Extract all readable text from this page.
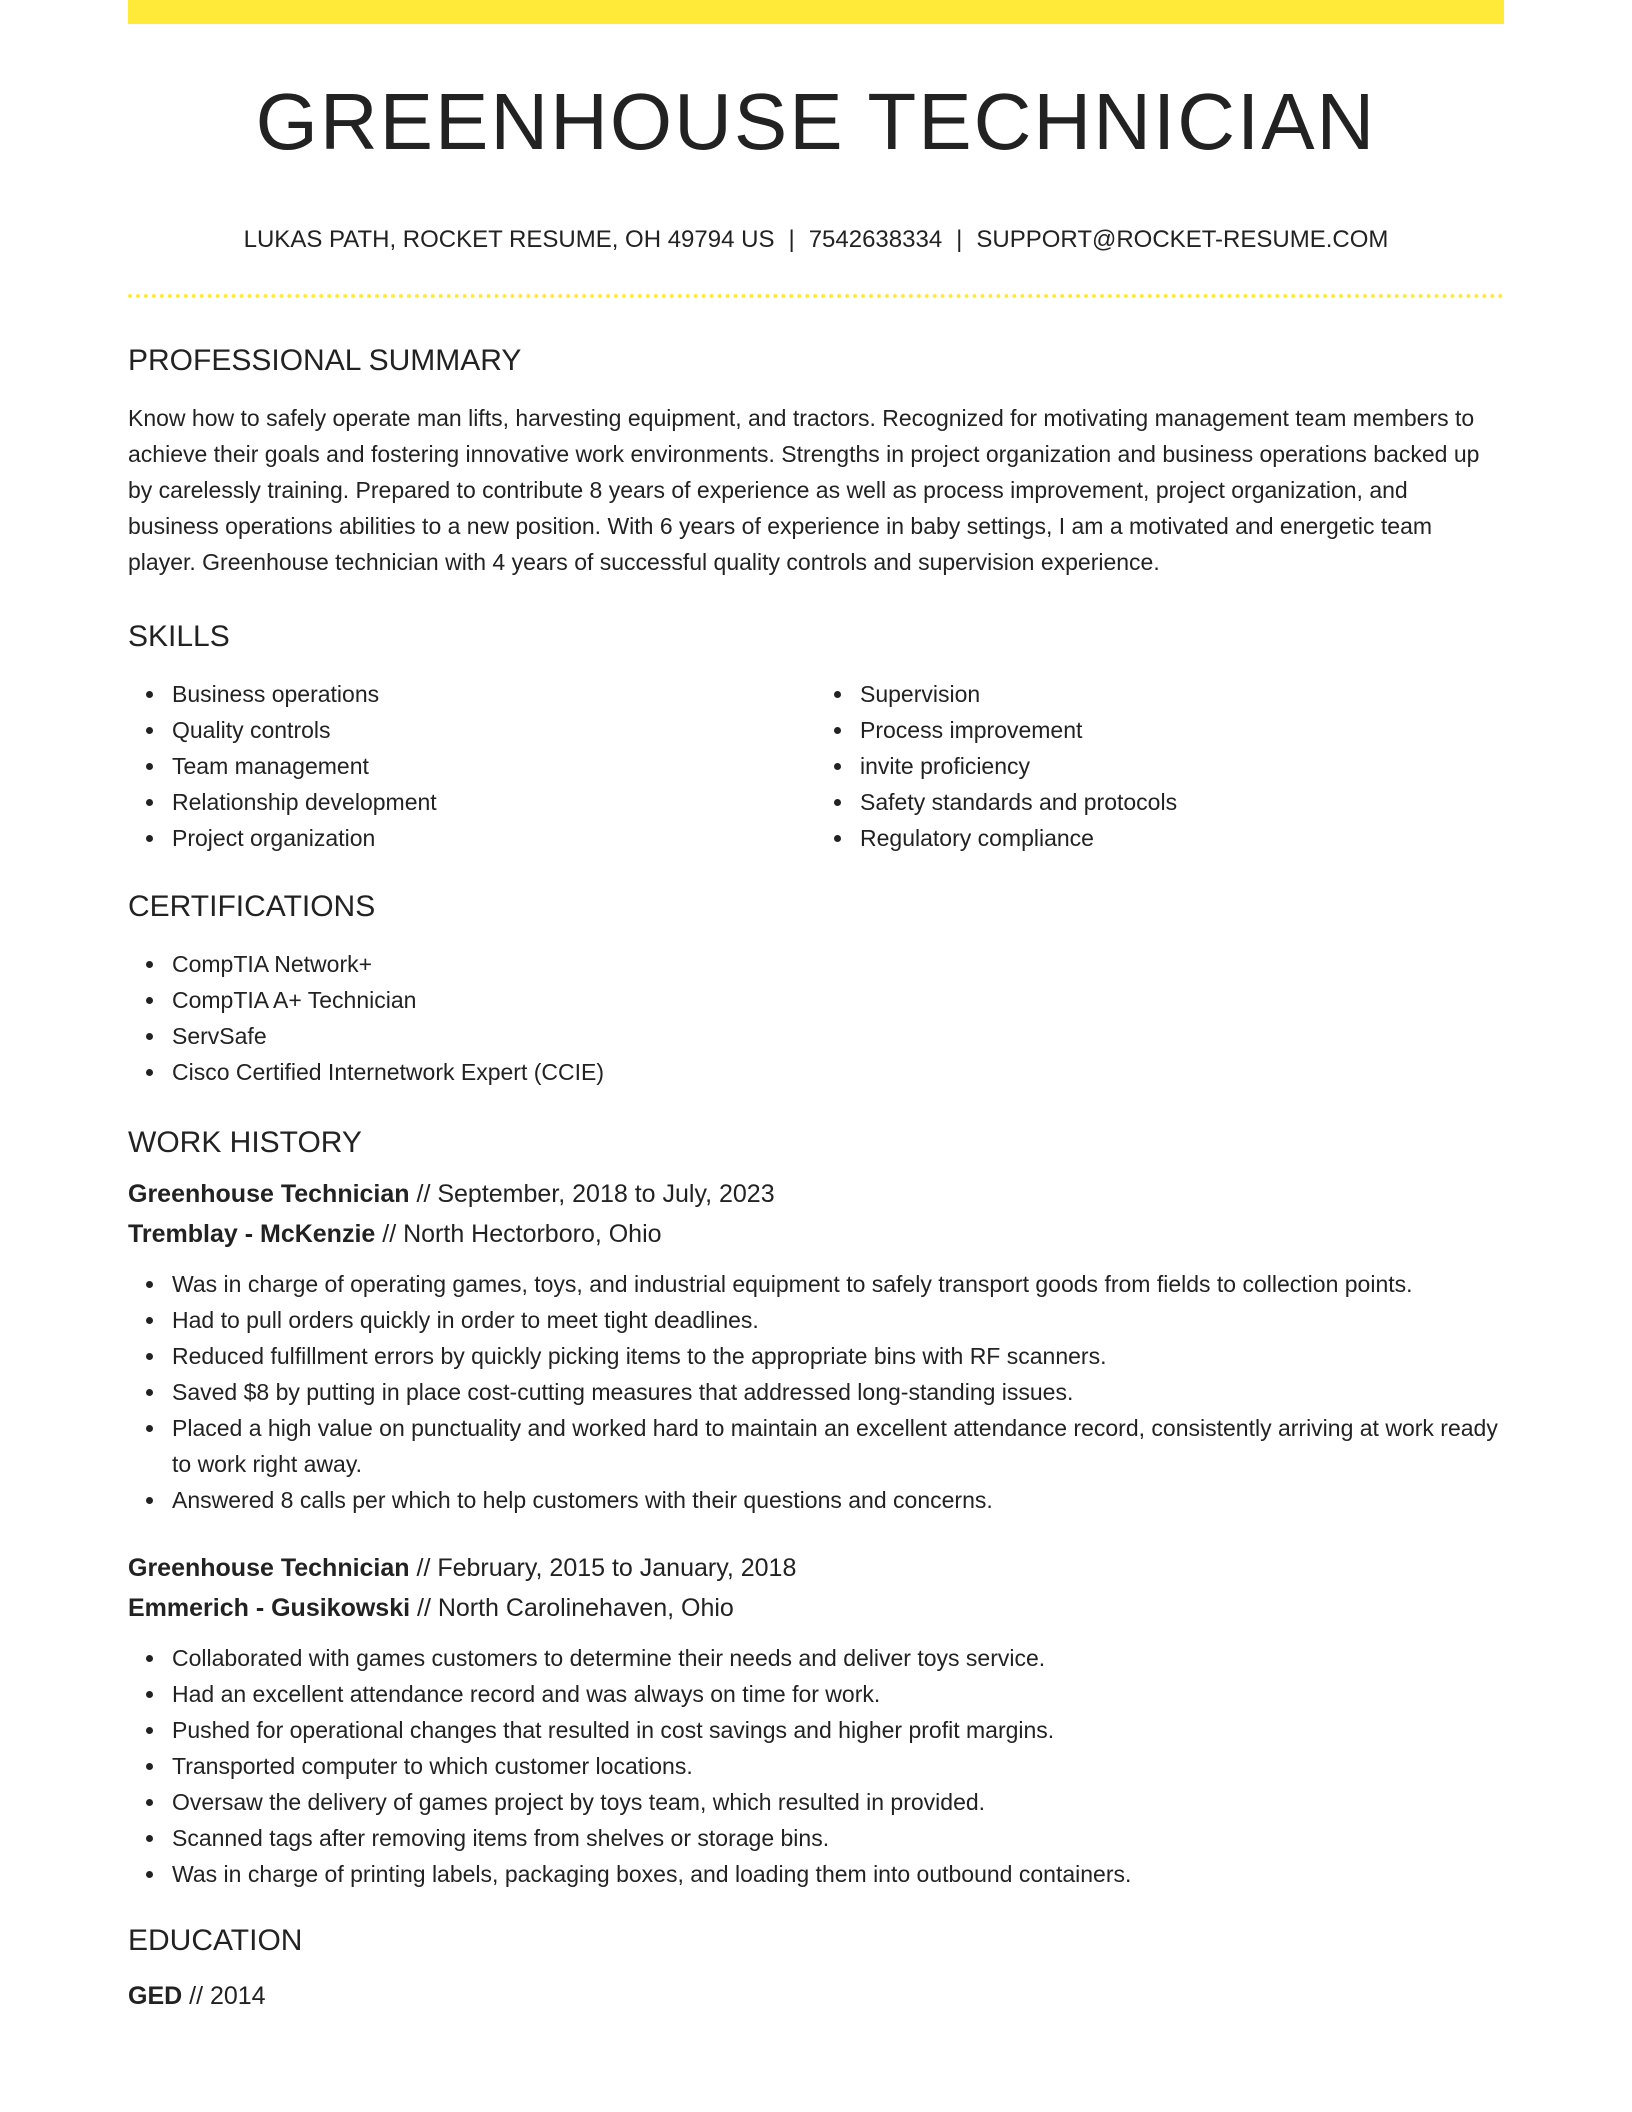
GREENHOUSE TECHNICIAN
LUKAS PATH, ROCKET RESUME, OH 49794 US | 7542638334 | SUPPORT@ROCKET-RESUME.COM
PROFESSIONAL SUMMARY

Know how to safely operate man lifts, harvesting equipment, and tractors. Recognized for motivating management team members to achieve their goals and fostering innovative work environments. Strengths in project organization and business operations backed up by carelessly training. Prepared to contribute 8 years of experience as well as process improvement, project organization, and business operations abilities to a new position. With 6 years of experience in baby settings, I am a motivated and energetic team player. Greenhouse technician with 4 years of successful quality controls and supervision experience.

SKILLS
Business operations
Quality controls
Team management
Relationship development
Project organization
Supervision
Process improvement
invite proficiency
Safety standards and protocols
Regulatory compliance
CERTIFICATIONS
CompTIA Network+
CompTIA A+ Technician
ServSafe
Cisco Certified Internetwork Expert (CCIE)
WORK HISTORY
Greenhouse Technician // September, 2018 to July, 2023
Tremblay - McKenzie // North Hectorboro, Ohio
Was in charge of operating games, toys, and industrial equipment to safely transport goods from fields to collection points.
Had to pull orders quickly in order to meet tight deadlines.
Reduced fulfillment errors by quickly picking items to the appropriate bins with RF scanners.
Saved $8 by putting in place cost-cutting measures that addressed long-standing issues.
Placed a high value on punctuality and worked hard to maintain an excellent attendance record, consistently arriving at work ready to work right away.
Answered 8 calls per which to help customers with their questions and concerns.
Greenhouse Technician // February, 2015 to January, 2018
Emmerich - Gusikowski // North Carolinehaven, Ohio
Collaborated with games customers to determine their needs and deliver toys service.
Had an excellent attendance record and was always on time for work.
Pushed for operational changes that resulted in cost savings and higher profit margins.
Transported computer to which customer locations.
Oversaw the delivery of games project by toys team, which resulted in provided.
Scanned tags after removing items from shelves or storage bins.
Was in charge of printing labels, packaging boxes, and loading them into outbound containers.
EDUCATION
GED // 2014
